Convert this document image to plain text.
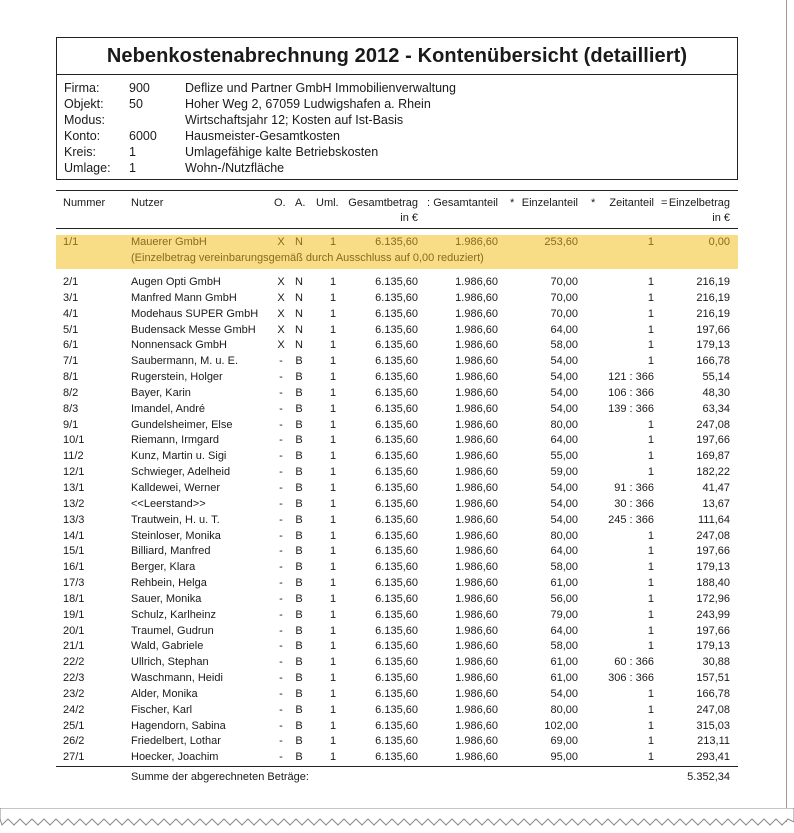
Nebenkostenabrechnung 2012 - Kontenübersicht (detailliert)
Firma: 900	Deflize und Partner GmbH Immobilienverwaltung
Objekt: 50	Hoher Weg 2, 67059 Ludwigshafen a. Rhein
Modus:	Wirtschaftsjahr 12; Kosten auf Ist-Basis
Konto: 6000 Hausmeister-Gesamtkosten
Kreis:	1	Umlagefähige kalte Betriebskosten
Umlage: 1	Wohn-/Nutzfläche
Nummer Nutzer	O. A. Uml. Gesamtbetrag
in €
: Gesamtanteil * Einzelanteil * Zeitanteil = Einzelbetrag
in €
1/1	Mauerer GmbH	X N	1	6.135,60	1.986,60	253,60	1	0,00
(Einzelbetrag vereinbarungsgemäß durch Ausschluss auf 0,00 reduziert)
2/1	Augen Opti GmbH	X N	1	6.135,60	1.986,60	70,00	1	216,19
3/1	Manfred Mann GmbH	X N	1	6.135,60	1.986,60	70,00	1	216,19
4/1	Modehaus SUPER GmbH	X N	1	6.135,60	1.986,60	70,00	1	216,19
5/1	Budensack Messe GmbH	X N	1	6.135,60	1.986,60	64,00	1	197,66
6/1	Nonnensack GmbH	X N	1	6.135,60	1.986,60	58,00	1	179,13
7/1	Saubermann, M. u. E.	-	B	1	6.135,60	1.986,60	54,00	1	166,78
8/1	Rugerstein, Holger	-	B	1	6.135,60	1.986,60	54,00	121 : 366	55,14
8/2	Bayer, Karin	-	B	1	6.135,60	1.986,60	54,00	106 : 366	48,30
8/3	Imandel, André	-	B	1	6.135,60	1.986,60	54,00	139 : 366	63,34
9/1	Gundelsheimer, Else	-	B	1	6.135,60	1.986,60	80,00	1	247,08
10/1	Riemann, Irmgard	-	B	1	6.135,60	1.986,60	64,00	1	197,66
11/2	Kunz, Martin u. Sigi	-	B	1	6.135,60	1.986,60	55,00	1	169,87
12/1	Schwieger, Adelheid	-	B	1	6.135,60	1.986,60	59,00	1	182,22
13/1	Kalldewei, Werner	-	B	1	6.135,60	1.986,60	54,00	91 : 366	41,47
13/2	<<Leerstand>>	-	B	1	6.135,60	1.986,60	54,00	30 : 366	13,67
13/3	Trautwein, H. u. T.	-	B	1	6.135,60	1.986,60	54,00	245 : 366	111,64
14/1	Steinloser, Monika	-	B	1	6.135,60	1.986,60	80,00	1	247,08
15/1	Billiard, Manfred	-	B	1	6.135,60	1.986,60	64,00	1	197,66
16/1	Berger, Klara	-	B	1	6.135,60	1.986,60	58,00	1	179,13
17/3	Rehbein, Helga	-	B	1	6.135,60	1.986,60	61,00	1	188,40
18/1	Sauer, Monika	-	B	1	6.135,60	1.986,60	56,00	1	172,96
19/1	Schulz, Karlheinz	-	B	1	6.135,60	1.986,60	79,00	1	243,99
20/1	Traumel, Gudrun	-	B	1	6.135,60	1.986,60	64,00	1	197,66
21/1	Wald, Gabriele	-	B	1	6.135,60	1.986,60	58,00	1	179,13
22/2	Ullrich, Stephan	-	B	1	6.135,60	1.986,60	61,00	60 : 366	30,88
22/3	Waschmann, Heidi	-	B	1	6.135,60	1.986,60	61,00	306 : 366	157,51
23/2	Alder, Monika	-	B	1	6.135,60	1.986,60	54,00	1	166,78
24/2	Fischer, Karl	-	B	1	6.135,60	1.986,60	80,00	1	247,08
25/1	Hagendorn, Sabina	-	B	1	6.135,60	1.986,60	102,00	1	315,03
26/2	Friedelbert, Lothar	-	B	1	6.135,60	1.986,60	69,00	1	213,11
27/1	Hoecker, Joachim	-	B	1	6.135,60	1.986,60	95,00	1	293,41
Summe der abgerechneten Beträge:	5.352,34
